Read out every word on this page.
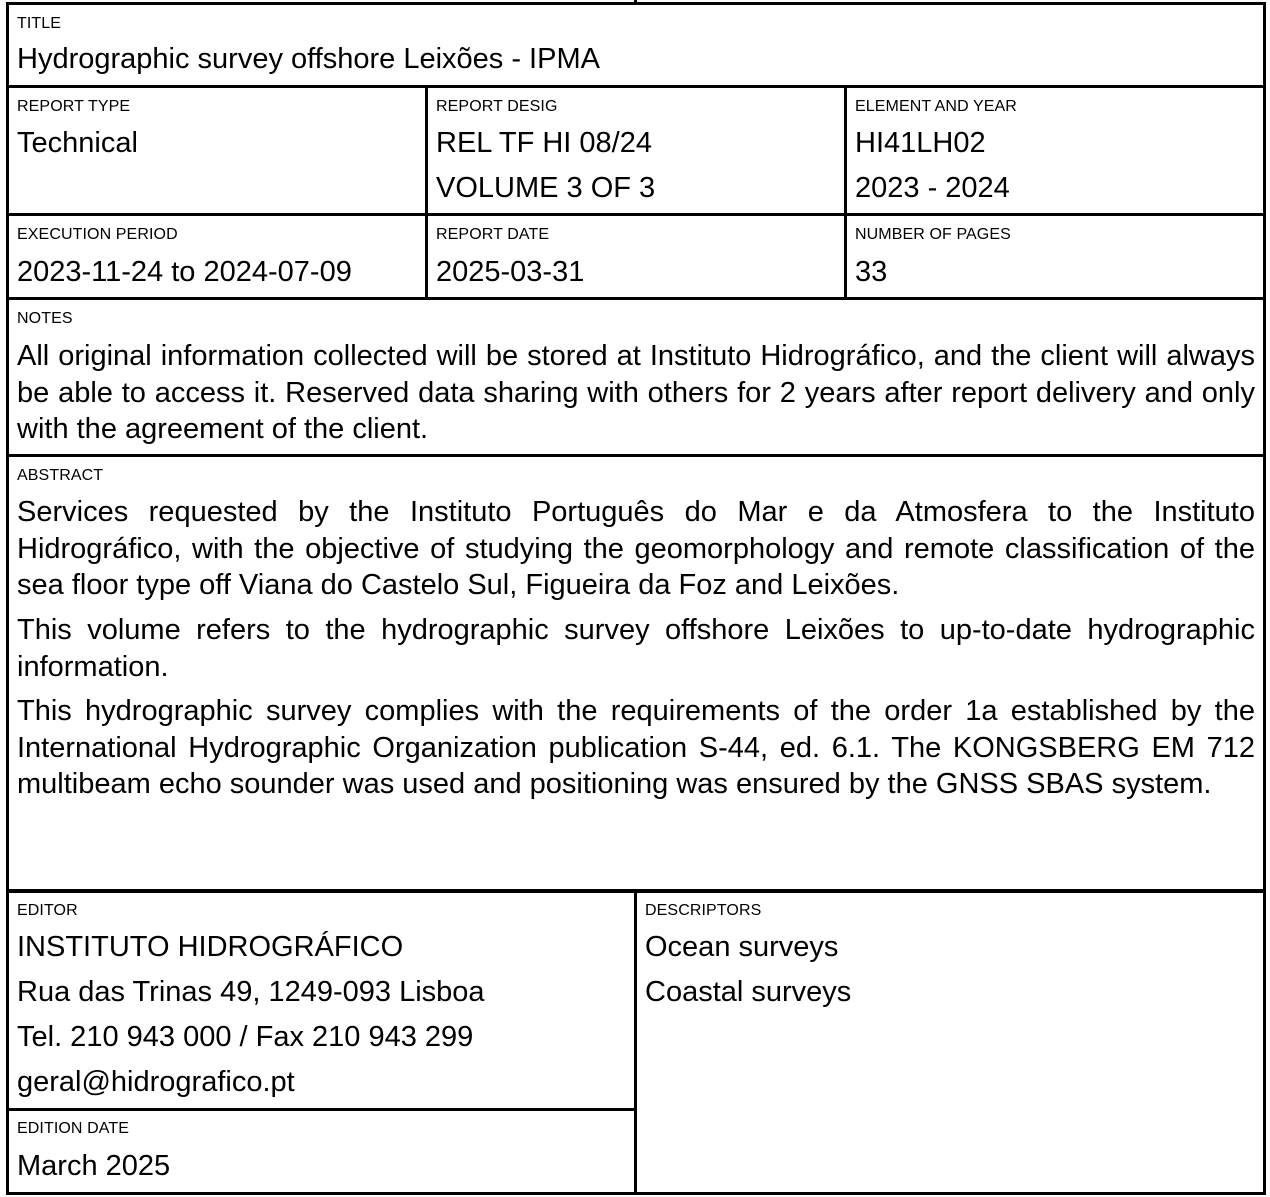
TITLE
Hydrographic survey offshore Leixões - IPMA
REPORT TYPE
Technical
REPORT DESIG
REL TF HI 08/24
VOLUME 3 OF 3
ELEMENT AND YEAR
HI41LH02
2023 - 2024
EXECUTION PERIOD
2023-11-24 to 2024-07-09
REPORT DATE
2025-03-31
NUMBER OF PAGES
33
NOTES

All original information collected will be stored at Instituto Hidrográfico, and the client will always be able to access it. Reserved data sharing with others for 2 years after report delivery and only with the agreement of the client.

ABSTRACT

Services requested by the Instituto Português do Mar e da Atmosfera to the Instituto Hidrográfico, with the objective of studying the geomorphology and remote classification of the sea floor type off Viana do Castelo Sul, Figueira da Foz and Leixões.

This volume refers to the hydrographic survey offshore Leixões to up-to-date hydrographic information.

This hydrographic survey complies with the requirements of the order 1a established by the International Hydrographic Organization publication S-44, ed. 6.1. The KONGSBERG EM 712 multibeam echo sounder was used and positioning was ensured by the GNSS SBAS system.

EDITOR
INSTITUTO HIDROGRÁFICO
Rua das Trinas 49, 1249-093 Lisboa
Tel. 210 943 000 / Fax 210 943 299
geral@hidrografico.pt
EDITION DATE
March 2025
DESCRIPTORS
Ocean surveys
Coastal surveys
